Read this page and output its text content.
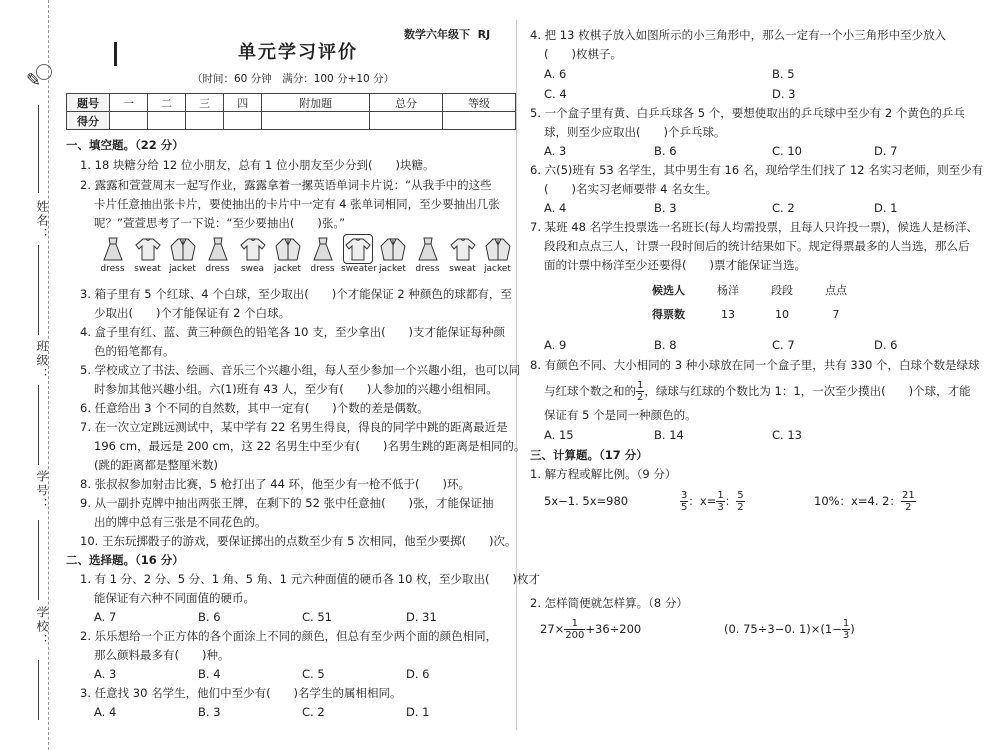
✎
姓名：
班级：
学号：
学校：
数学六年级下 RJ
单元学习评价
（时间：60 分钟　满分：100 分+10 分）
题号	一	二	三	四	附加题	总分	等级
得分							
一、填空题。（22 分）
1. 18 块糖分给 12 位小朋友，总有 1 位小朋友至少分到(　　)块糖。
2. 露露和萱萱周末一起写作业，露露拿着一摞英语单词卡片说：“从我手中的这些
卡片任意抽出张卡片，要使抽出的卡片中一定有 4 张单词相同，至少要抽出几张
呢？”萱萱思考了一下说：“至少要抽出(　　)张。”
dress	sweat jacket	dress	swea	jacket	dress sweater jacket	dress	sweat jacket
3. 箱子里有 5 个红球、4 个白球，至少取出(　　)个才能保证 2 种颜色的球都有，至
少取出(　　)个才能保证有 2 个白球。
4. 盒子里有红、蓝、黄三种颜色的铅笔各 10 支，至少拿出(　　)支才能保证每种颜
色的铅笔都有。
5. 学校成立了书法、绘画、音乐三个兴趣小组，每人至少参加一个兴趣小组，也可以同
时参加其他兴趣小组。六(1)班有 43 人，至少有(　　)人参加的兴趣小组相同。
6. 任意给出 3 个不同的自然数，其中一定有(　　)个数的差是偶数。
7. 在一次立定跳远测试中，某中学有 22 名男生得良，得良的同学中跳的距离最近是
196 cm，最远是 200 cm，这 22 名男生中至少有(　　)名男生跳的距离是相同的。
(跳的距离都是整厘米数)
8. 张叔叔参加射击比赛，5 枪打出了 44 环，他至少有一枪不低于(　　)环。
9. 从一副扑克牌中抽出两张王牌，在剩下的 52 张中任意抽(　　)张，才能保证抽
出的牌中总有三张是不同花色的。
10. 王东玩掷骰子的游戏，要保证掷出的点数至少有 5 次相同，他至少要掷(　　)次。
二、选择题。（16 分）
1. 有 1 分、2 分、5 分、1 角、5 角、1 元六种面值的硬币各 10 枚，至少取出(　　)枚才
能保证有六种不同面值的硬币。
A. 7	B. 6	C. 51	D. 31
2. 乐乐想给一个正方体的各个面涂上不同的颜色，但总有至少两个面的颜色相同，
那么颜料最多有(　　)种。
A. 3	B. 4	C. 5	D. 6
3. 任意找 30 名学生，他们中至少有(　　)名学生的属相相同。
A. 4	B. 3	C. 2	D. 1
4. 把 13 枚棋子放入如图所示的小三角形中，那么一定有一个小三角形中至少放入
(　　)枚棋子。
A. 6	B. 5
C. 4	D. 3
5. 一个盒子里有黄、白乒乓球各 5 个，要想使取出的乒乓球中至少有 2 个黄色的乒乓
球，则至少应取出(　　)个乒乓球。
A. 3	B. 6	C. 10	D. 7
6. 六(5)班有 53 名学生，其中男生有 16 名，现给学生们找了 12 名实习老师，则至少有
(　　)名实习老师要带 4 名女生。
A. 4	B. 3	C. 2	D. 1
7. 某班 48 名学生投票选一名班长(每人均需投票，且每人只许投一票)，候选人是杨洋、
段段和点点三人，计票一段时间后的统计结果如下。规定得票最多的人当选，那么后
面的计票中杨洋至少还要得(　　)票才能保证当选。
候选人	杨洋	段段	点点
得票数	13	10	7
A. 9	B. 8	C. 7	D. 6
8. 有颜色不同、大小相同的 3 种小球放在同一个盒子里，共有 330 个，白球个数是绿球
与红球个数之和的 $\frac{1}{2}$ ，绿球与红球的个数比为 1：1，一次至少摸出(　　)个球，才能
保证有 5 个是同一种颜色的。
A. 15	B. 14	C. 13
三、计算题。（17 分）
1. 解方程或解比例。（9 分）
5x−1. 5x=980	$\frac{3}{5}$ ：$x= \frac{1}{3}$ ： $\frac{5}{2}$	10%：x=4. 2： $\frac{21}{2}$
2. 怎样简便就怎样算。（8 分）
$27\times \frac{1}{200} +36\div 200$	(0. 75÷3−0. $1)\times(1- \frac{1}{3}$ )
